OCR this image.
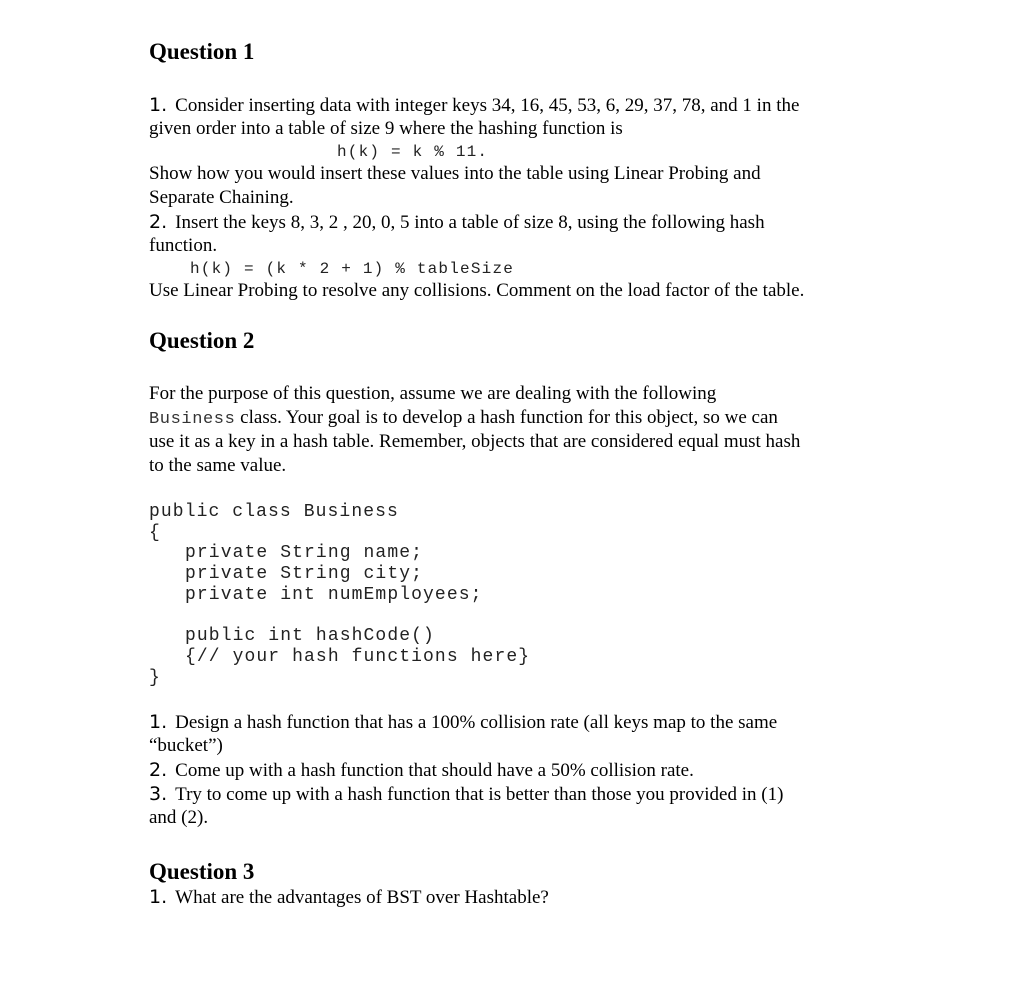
Question 1
1. Consider inserting data with integer keys 34, 16, 45, 53, 6, 29, 37, 78, and 1 in the
given order into a table of size 9 where the hashing function is
h(k) = k % 11.
Show how you would insert these values into the table using Linear Probing and
Separate Chaining.
2. Insert the keys 8, 3, 2 , 20, 0, 5 into a table of size 8, using the following hash
function.
h(k) = (k * 2 + 1) % tableSize
Use Linear Probing to resolve any collisions. Comment on the load factor of the table.
Question 2
For the purpose of this question, assume we are dealing with the following
Business class. Your goal is to develop a hash function for this object, so we can
use it as a key in a hash table. Remember, objects that are considered equal must hash
to the same value.
public class Business
{
private String name;
private String city;
private int numEmployees;
public int hashCode()
{// your hash functions here}
}
1. Design a hash function that has a 100% collision rate (all keys map to the same
“bucket”)
2. Come up with a hash function that should have a 50% collision rate.
3. Try to come up with a hash function that is better than those you provided in (1)
and (2).
Question 3
1. What are the advantages of BST over Hashtable?
